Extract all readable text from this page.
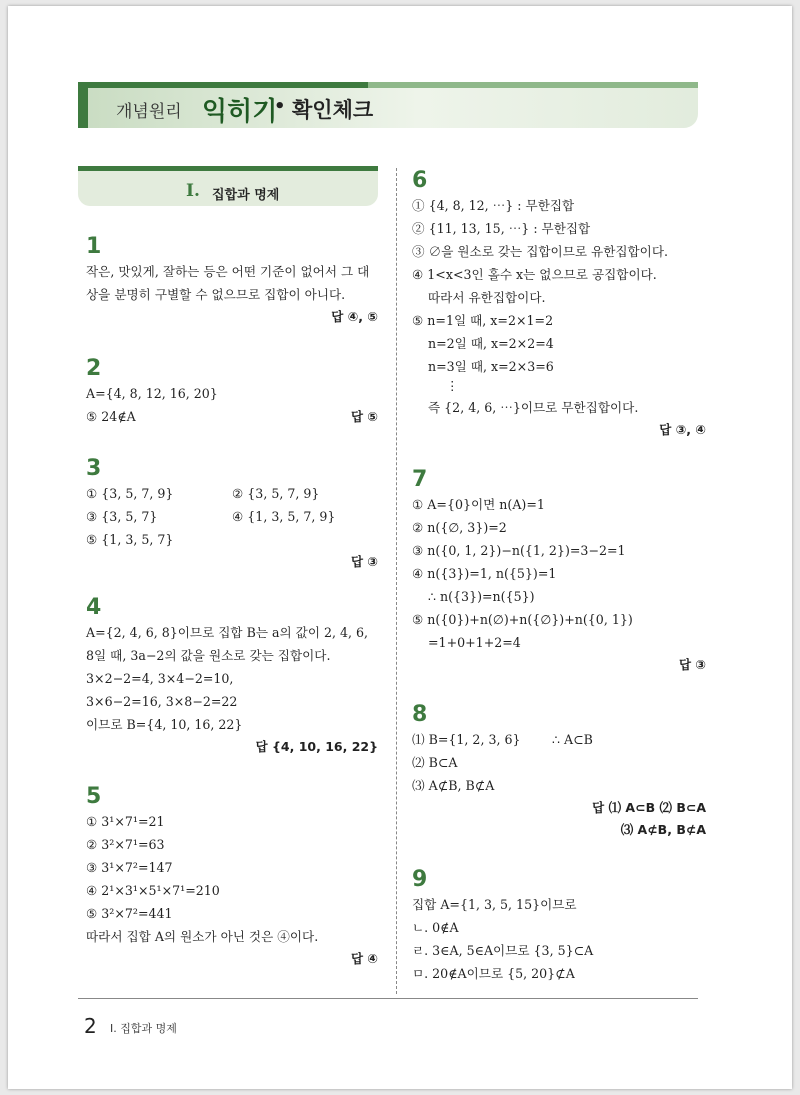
개념원리 익히기
• 확인체크
I. 집합과 명제
1
작은, 맛있게, 잘하는 등은 어떤 기준이 없어서 그 대
상을 분명히 구별할 수 없으므로 집합이 아니다.
답 ④, ⑤
2
A={4, 8, 12, 16, 20}
⑤ 24∉A	답 ⑤
3
① {3, 5, 7, 9}	② {3, 5, 7, 9}
③ {3, 5, 7}	④ {1, 3, 5, 7, 9}
⑤ {1, 3, 5, 7}
답 ③
4
A={2, 4, 6, 8}이므로 집합 B는 a의 값이 2, 4, 6,
8일 때, 3a−2의 값을 원소로 갖는 집합이다.
3×2−2=4, 3×4−2=10,
3×6−2=16, 3×8−2=22
이므로 B={4, 10, 16, 22}
답 {4, 10, 16, 22}
5
① 3¹×7¹=21
② 3²×7¹=63
③ 3¹×7²=147
④ 2¹×3¹×5¹×7¹=210
⑤ 3²×7²=441
따라서 집합 A의 원소가 아닌 것은 ④이다.
답 ④
6
① {4, 8, 12, ⋯} : 무한집합
② {11, 13, 15, ⋯} : 무한집합
③ ∅을 원소로 갖는 집합이므로 유한집합이다.
④ 1<x<3인 홀수 x는 없으므로 공집합이다.
따라서 유한집합이다.
⑤ n=1일 때, x=2×1=2
n=2일 때, x=2×2=4
n=3일 때, x=2×3=6
⋮
즉 {2, 4, 6, ⋯}이므로 무한집합이다.
답 ③, ④
7
① A={0}이면 n(A)=1
② n({∅, 3})=2
③ n({0, 1, 2})−n({1, 2})=3−2=1
④ n({3})=1, n({5})=1
∴ n({3})=n({5})
⑤ n({0})+n(∅)+n({∅})+n({0, 1})
=1+0+1+2=4
답 ③
8
⑴ B={1, 2, 3, 6}	∴ A⊂B
⑵ B⊂A
⑶ A⊄B, B⊄A
답 ⑴ A⊂B ⑵ B⊂A
⑶ A⊄B, B⊄A
9
집합 A={1, 3, 5, 15}이므로
ㄴ. 0∉A
ㄹ. 3∈A, 5∈A이므로 {3, 5}⊂A
ㅁ. 20∉A이므로 {5, 20}⊄A
2 I. 집합과 명제
